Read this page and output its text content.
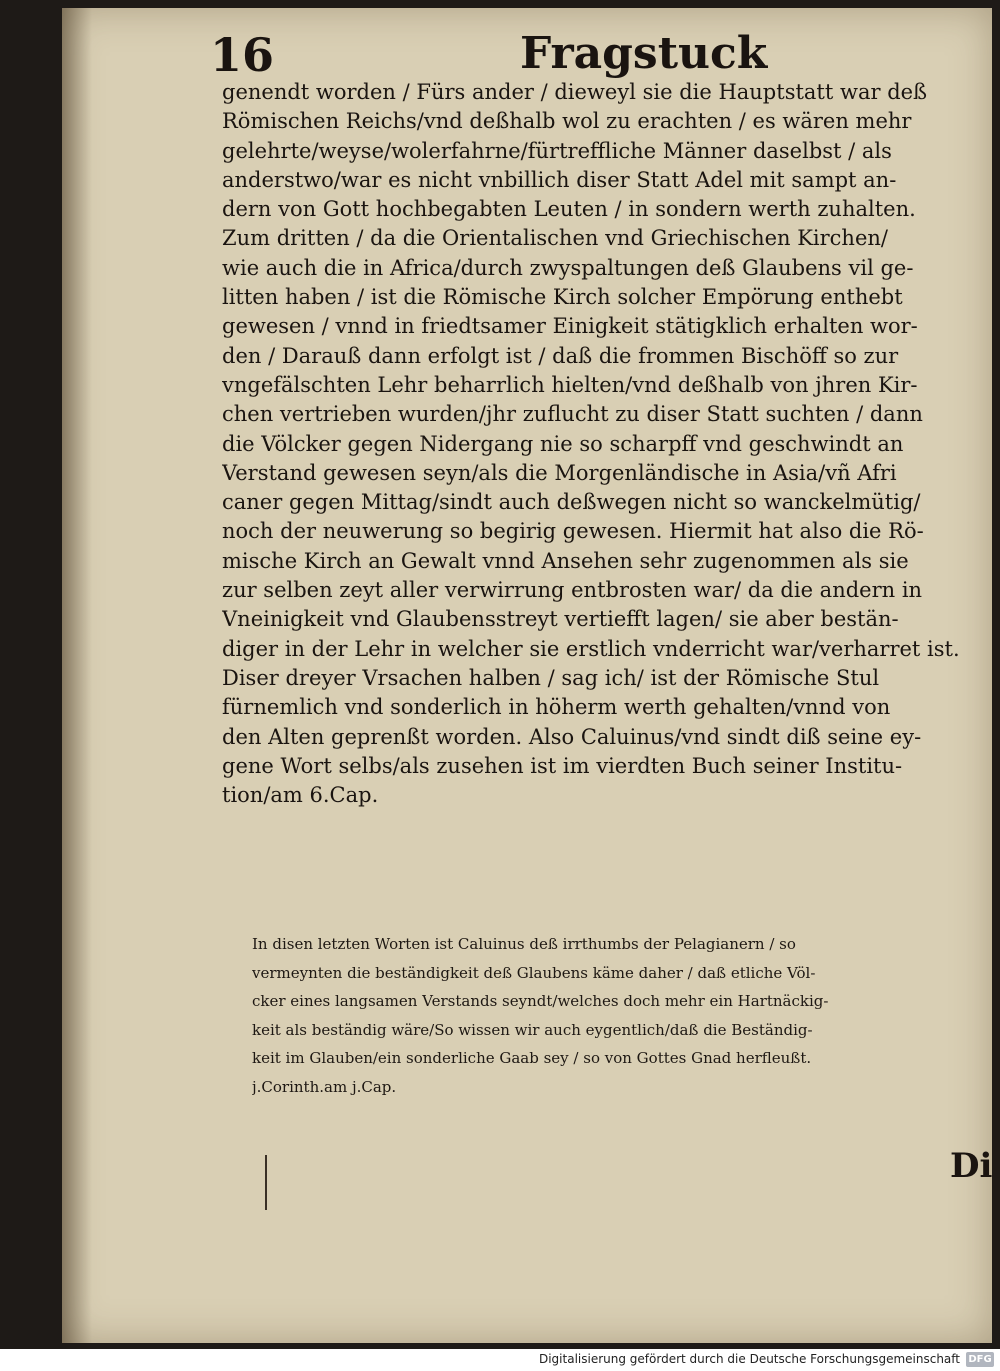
16	Fragstuck
genendt worden / Fürs ander / dieweyl sie die Hauptstatt war deß
Römischen Reichs/vnd deßhalb wol zu erachten / es wären mehr
gelehrte/weyse/wolerfahrne/fürtreffliche Männer daselbst / als
anderstwo/war es nicht vnbillich diser Statt Adel mit sampt an-
dern von Gott hochbegabten Leuten / in sondern werth zuhalten.
Zum dritten / da die Orientalischen vnd Griechischen Kirchen/
wie auch die in Africa/durch zwyspaltungen deß Glaubens vil ge-
litten haben / ist die Römische Kirch solcher Empörung enthebt
gewesen / vnnd in friedtsamer Einigkeit stätigklich erhalten wor-
den / Darauß dann erfolgt ist / daß die frommen Bischöff so zur
vngefälschten Lehr beharrlich hielten/vnd deßhalb von jhren Kir-
chen vertrieben wurden/jhr zuflucht zu diser Statt suchten / dann
die Völcker gegen Nidergang nie so scharpff vnd geschwindt an
Verstand gewesen seyn/als die Morgenländische in Asia/vñ Afri
caner gegen Mittag/sindt auch deßwegen nicht so wanckelmütig/
noch der neuwerung so begirig gewesen. Hiermit hat also die Rö-
mische Kirch an Gewalt vnnd Ansehen sehr zugenommen als sie
zur selben zeyt aller verwirrung entbrosten war/ da die andern in
Vneinigkeit vnd Glaubensstreyt vertiefft lagen/ sie aber bestän-
diger in der Lehr in welcher sie erstlich vnderricht war/verharret ist.
Diser dreyer Vrsachen halben / sag ich/ ist der Römische Stul
fürnemlich vnd sonderlich in höherm werth gehalten/vnnd von
den Alten geprenßt worden. Also Caluinus/vnd sindt diß seine ey-
gene Wort selbs/als zusehen ist im vierdten Buch seiner Institu-
tion/am 6.Cap.
In disen letzten Worten ist Caluinus deß irrthumbs der Pelagianern / so
vermeynten die beständigkeit deß Glaubens käme daher / daß etliche Völ-
cker eines langsamen Verstands seyndt/welches doch mehr ein Hartnäckig-
keit als beständig wäre/So wissen wir auch eygentlich/daß die Beständig-
keit im Glauben/ein sonderliche Gaab sey / so von Gottes Gnad herfleußt.
j.Corinth.am j.Cap.
Di
Digitalisierung gefördert durch die Deutsche Forschungsgemeinschaft DFG
